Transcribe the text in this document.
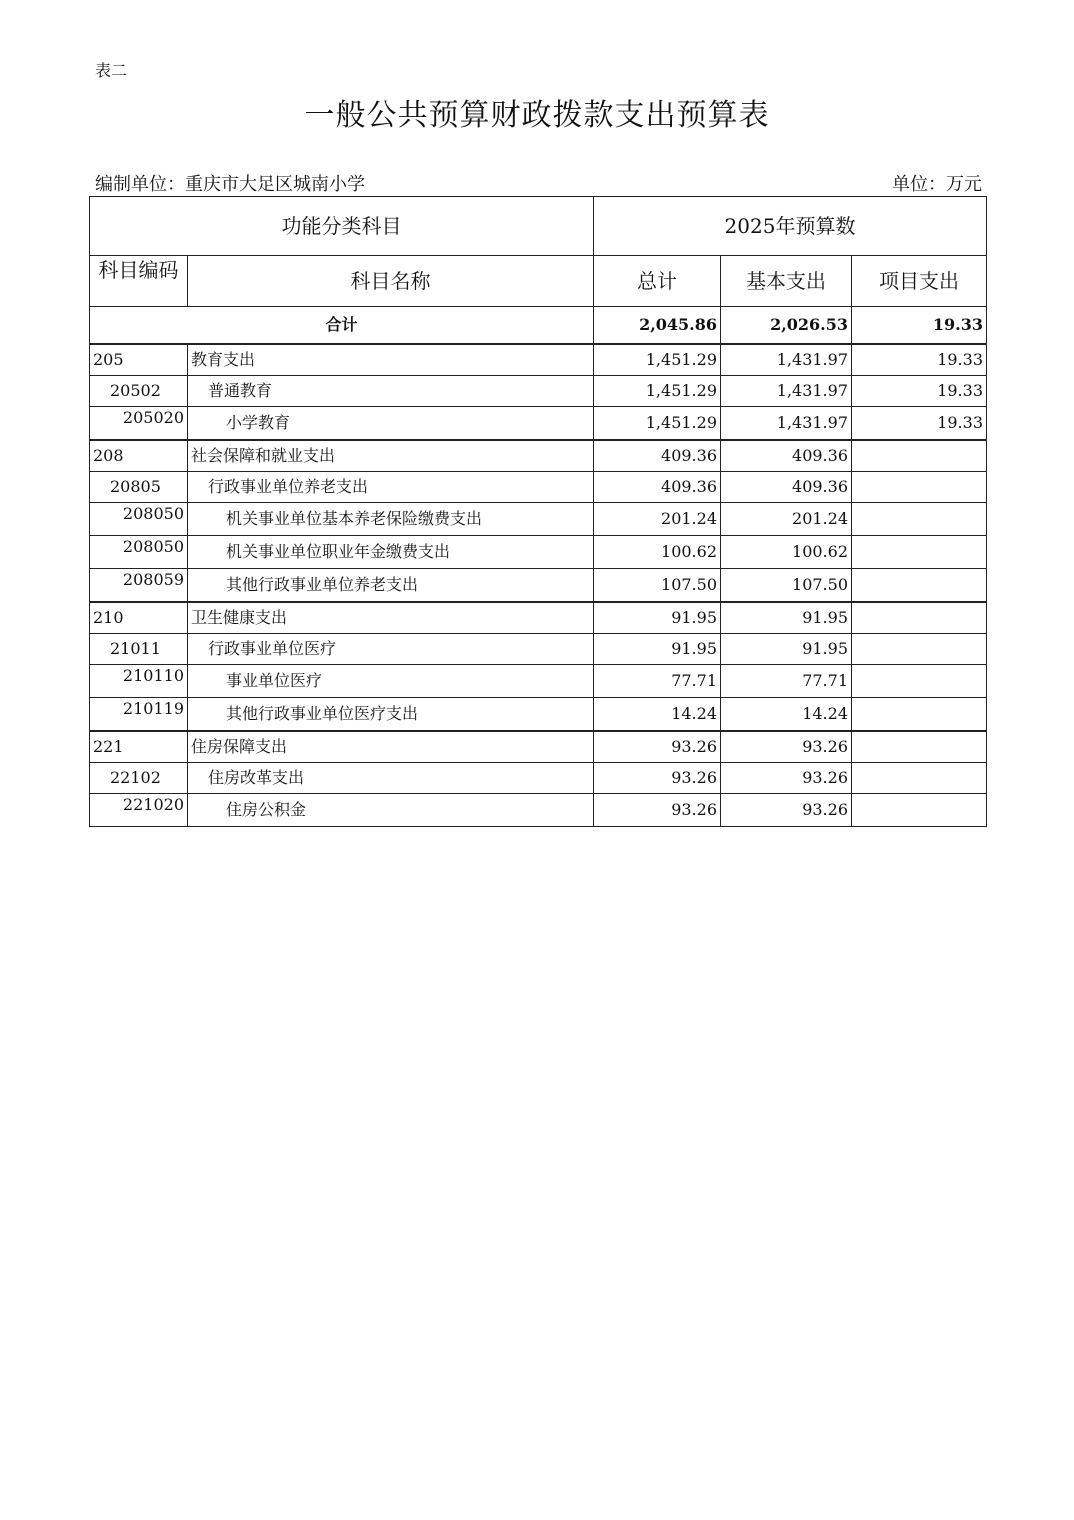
表二
一般公共预算财政拨款支出预算表
编制单位：重庆市大足区城南小学	单位：万元
功能分类科目		2025年预算数		
科目编码	科目名称	总计	基本支出	项目支出
合计		2,045.86	2,026.53	19.33
205	教育支出	1,451.29	1,431.97	19.33
20502	普通教育	1,451.29	1,431.97	19.33
205020	小学教育	1,451.29	1,431.97	19.33
208	社会保障和就业支出	409.36	409.36	
20805	行政事业单位养老支出	409.36	409.36	
208050	机关事业单位基本养老保险缴费支出	201.24	201.24	
208050	机关事业单位职业年金缴费支出	100.62	100.62	
208059	其他行政事业单位养老支出	107.50	107.50	
210	卫生健康支出	91.95	91.95	
21011	行政事业单位医疗	91.95	91.95	
210110	事业单位医疗	77.71	77.71	
210119	其他行政事业单位医疗支出	14.24	14.24	
221	住房保障支出	93.26	93.26	
22102	住房改革支出	93.26	93.26	
221020	住房公积金	93.26	93.26	
